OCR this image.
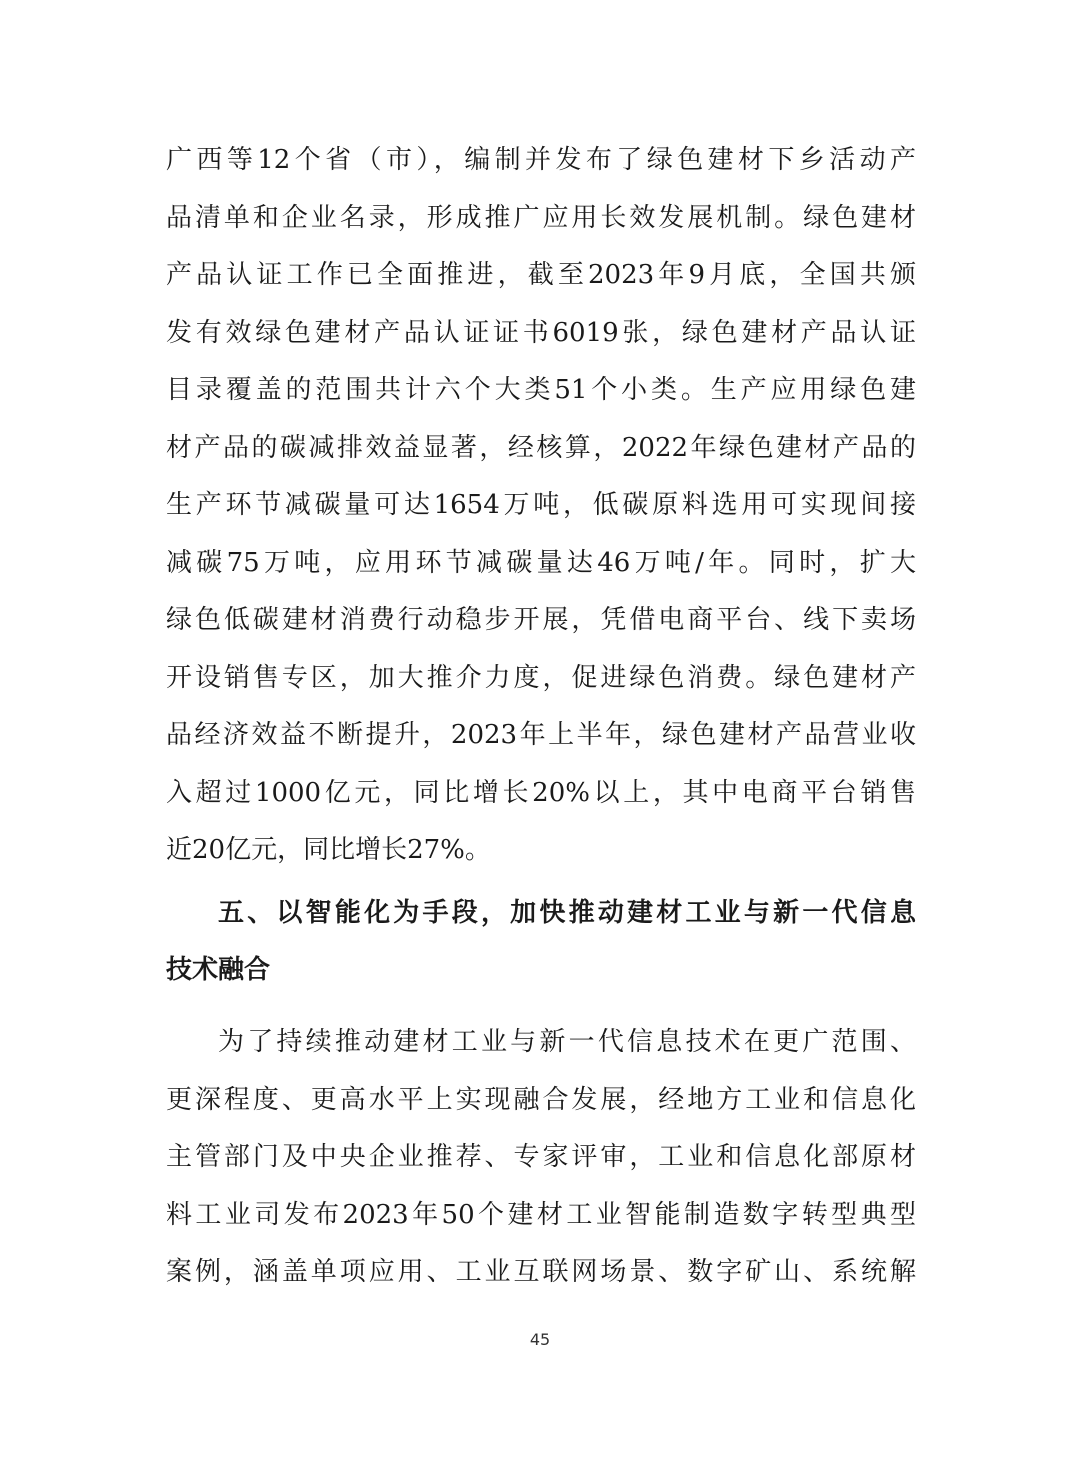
广西等12个省（市），编制并发布了绿色建材下乡活动产
品清单和企业名录，形成推广应用长效发展机制。绿色建材
产品认证工作已全面推进，截至2023年9月底，全国共颁
发有效绿色建材产品认证证书6019张，绿色建材产品认证
目录覆盖的范围共计六个大类51个小类。生产应用绿色建
材产品的碳减排效益显著，经核算，2022年绿色建材产品的
生产环节减碳量可达1654万吨，低碳原料选用可实现间接
减碳75万吨，应用环节减碳量达46万吨/年。同时，扩大
绿色低碳建材消费行动稳步开展，凭借电商平台、线下卖场
开设销售专区，加大推介力度，促进绿色消费。绿色建材产
品经济效益不断提升，2023年上半年，绿色建材产品营业收
入超过1000亿元，同比增长20%以上，其中电商平台销售
近20亿元，同比增长27%。
五、以智能化为手段，加快推动建材工业与新一代信息
技术融合
为了持续推动建材工业与新一代信息技术在更广范围、
更深程度、更高水平上实现融合发展，经地方工业和信息化
主管部门及中央企业推荐、专家评审，工业和信息化部原材
料工业司发布2023年50个建材工业智能制造数字转型典型
案例，涵盖单项应用、工业互联网场景、数字矿山、系统解
45
